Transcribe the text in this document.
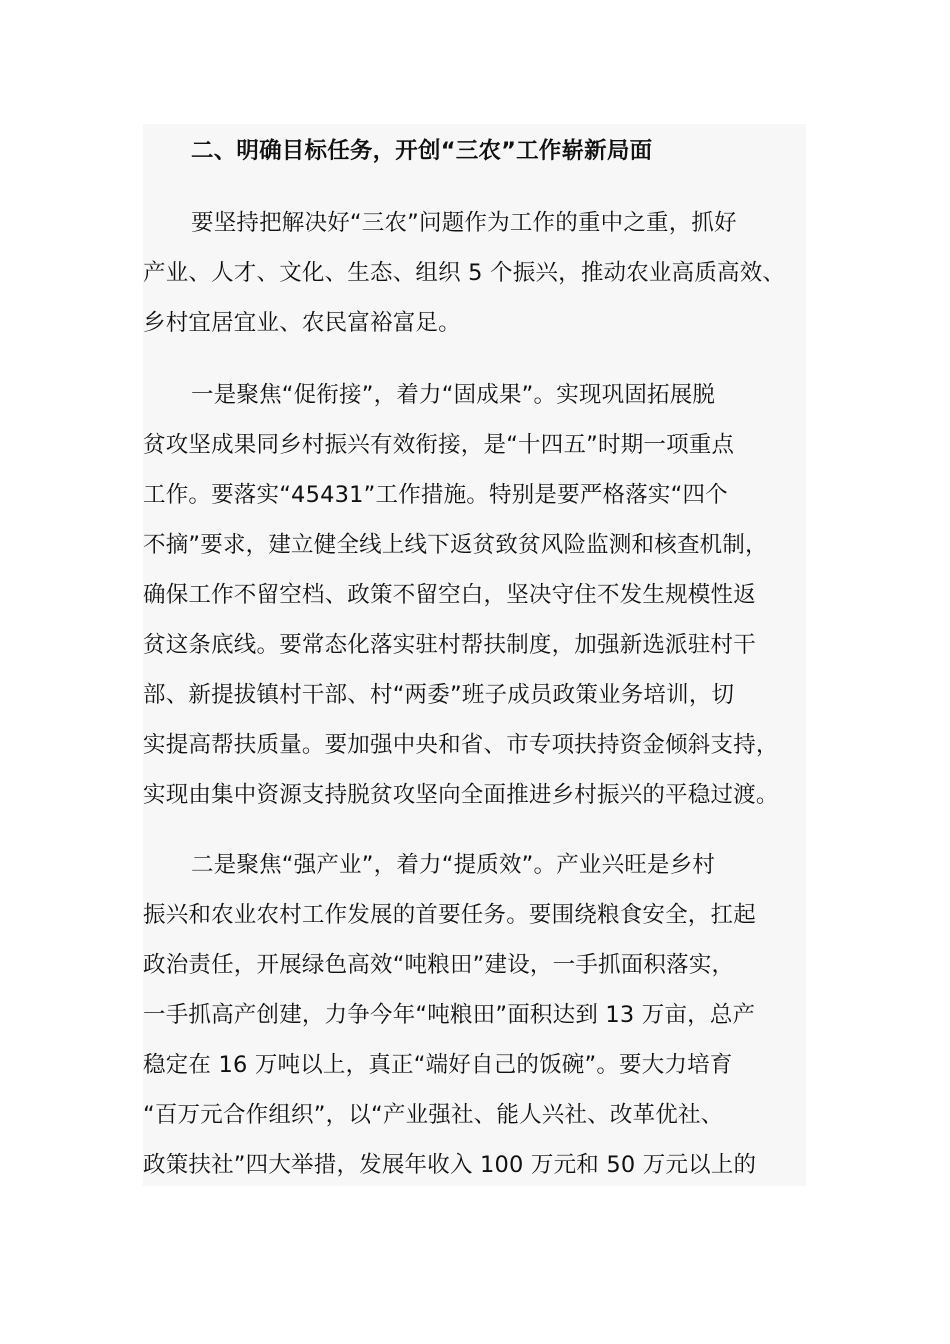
二、明确目标任务，开创“三农”工作崭新局面
要坚持把解决好“三农”问题作为工作的重中之重，抓好
产业、人才、文化、生态、组织 5 个振兴，推动农业高质高效、
乡村宜居宜业、农民富裕富足。
一是聚焦“促衔接”，着力“固成果”。实现巩固拓展脱
贫攻坚成果同乡村振兴有效衔接，是“十四五”时期一项重点
工作。要落实“45431”工作措施。特别是要严格落实“四个
不摘”要求，建立健全线上线下返贫致贫风险监测和核查机制，
确保工作不留空档、政策不留空白，坚决守住不发生规模性返
贫这条底线。要常态化落实驻村帮扶制度，加强新选派驻村干
部、新提拔镇村干部、村“两委”班子成员政策业务培训，切
实提高帮扶质量。要加强中央和省、市专项扶持资金倾斜支持，
实现由集中资源支持脱贫攻坚向全面推进乡村振兴的平稳过渡。
二是聚焦“强产业”，着力“提质效”。产业兴旺是乡村
振兴和农业农村工作发展的首要任务。要围绕粮食安全，扛起
政治责任，开展绿色高效“吨粮田”建设，一手抓面积落实，
一手抓高产创建，力争今年“吨粮田”面积达到 13 万亩，总产
稳定在 16 万吨以上，真正“端好自己的饭碗”。要大力培育
“百万元合作组织”，以“产业强社、能人兴社、改革优社、
政策扶社”四大举措，发展年收入 100 万元和 50 万元以上的
